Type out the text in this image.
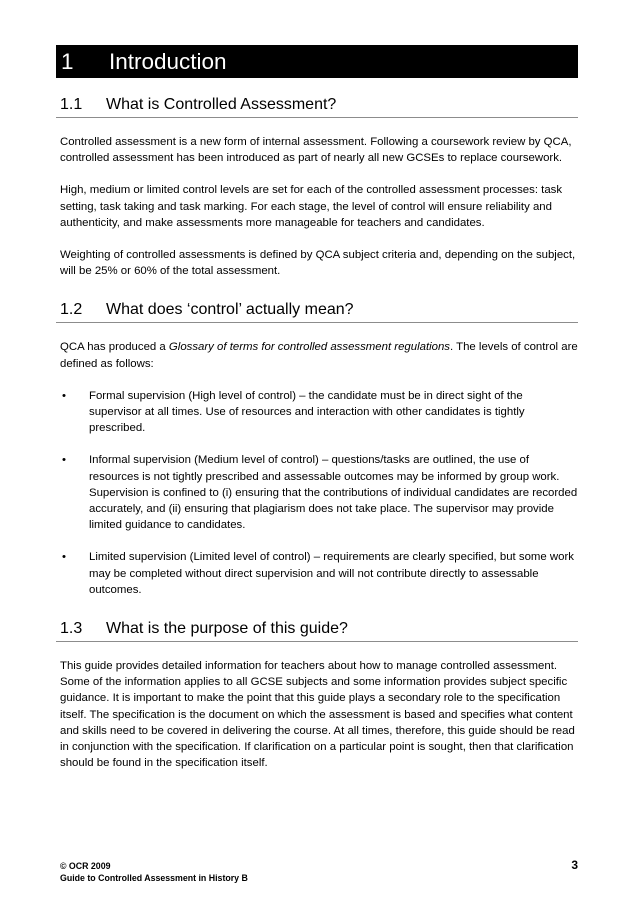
1	Introduction
1.1	What is Controlled Assessment?

Controlled assessment is a new form of internal assessment. Following a coursework review by QCA, controlled assessment has been introduced as part of nearly all new GCSEs to replace coursework.

High, medium or limited control levels are set for each of the controlled assessment processes: task setting, task taking and task marking. For each stage, the level of control will ensure reliability and authenticity, and make assessments more manageable for teachers and candidates.

Weighting of controlled assessments is defined by QCA subject criteria and, depending on the subject, will be 25% or 60% of the total assessment.

1.2	What does ‘control’ actually mean?

QCA has produced a Glossary of terms for controlled assessment regulations. The levels of control are defined as follows:

• Formal supervision (High level of control) – the candidate must be in direct sight of the supervisor at all times. Use of resources and interaction with other candidates is tightly prescribed.
• Informal supervision (Medium level of control) – questions/tasks are outlined, the use of resources is not tightly prescribed and assessable outcomes may be informed by group work. Supervision is confined to (i) ensuring that the contributions of individual candidates are recorded accurately, and (ii) ensuring that plagiarism does not take place. The supervisor may provide limited guidance to candidates.
• Limited supervision (Limited level of control) – requirements are clearly specified, but some work may be completed without direct supervision and will not contribute directly to assessable outcomes.
1.3	What is the purpose of this guide?

This guide provides detailed information for teachers about how to manage controlled assessment. Some of the information applies to all GCSE subjects and some information provides subject specific guidance. It is important to make the point that this guide plays a secondary role to the specification itself. The specification is the document on which the assessment is based and specifies what content and skills need to be covered in delivering the course. At all times, therefore, this guide should be read in conjunction with the specification. If clarification on a particular point is sought, then that clarification should be found in the specification itself.

© OCR 2009
Guide to Controlled Assessment in History B
3
